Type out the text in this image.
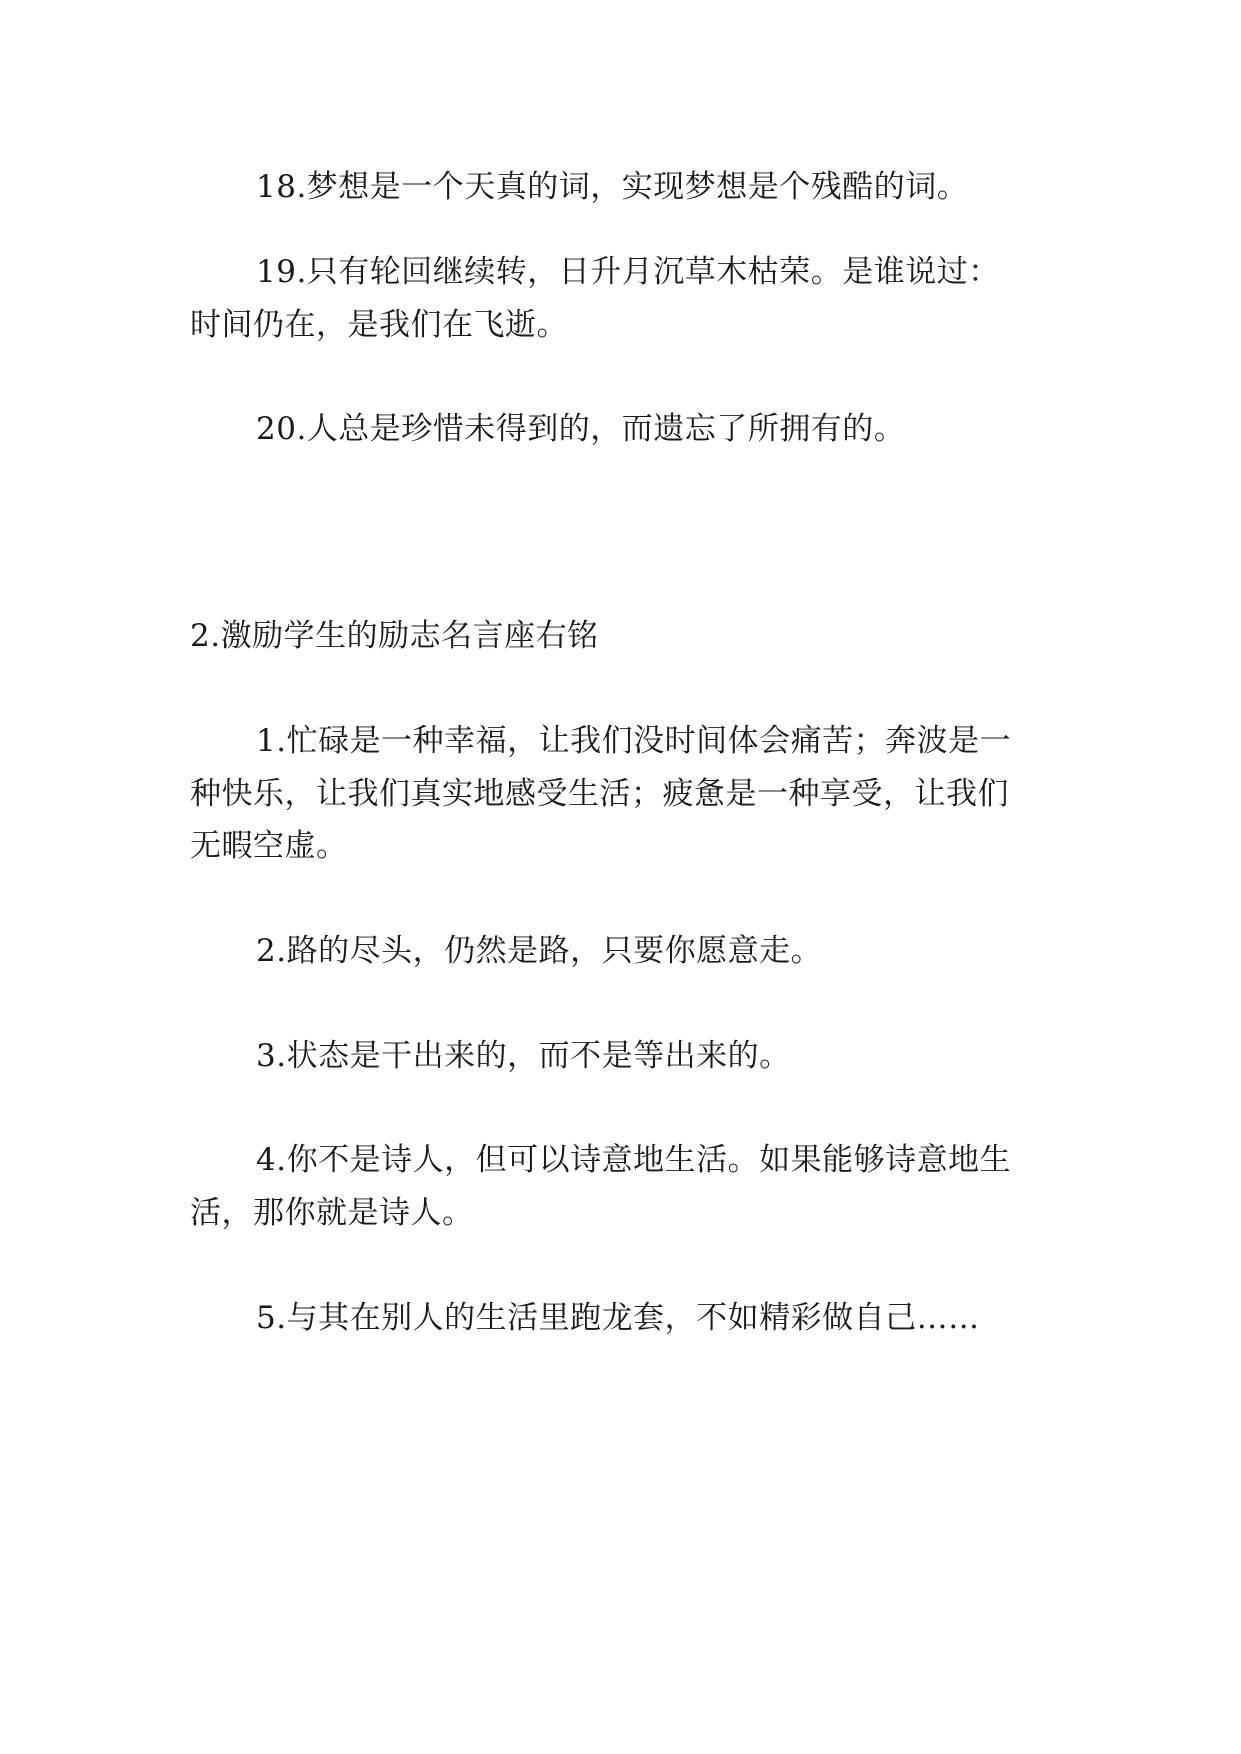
18.梦想是一个天真的词，实现梦想是个残酷的词。
19.只有轮回继续转，日升月沉草木枯荣。是谁说过：
时间仍在，是我们在飞逝。
20.人总是珍惜未得到的，而遗忘了所拥有的。
2.激励学生的励志名言座右铭
1.忙碌是一种幸福，让我们没时间体会痛苦；奔波是一
种快乐，让我们真实地感受生活；疲惫是一种享受，让我们
无暇空虚。
2.路的尽头，仍然是路，只要你愿意走。
3.状态是干出来的，而不是等出来的。
4.你不是诗人，但可以诗意地生活。如果能够诗意地生
活，那你就是诗人。
5.与其在别人的生活里跑龙套，不如精彩做自己……
